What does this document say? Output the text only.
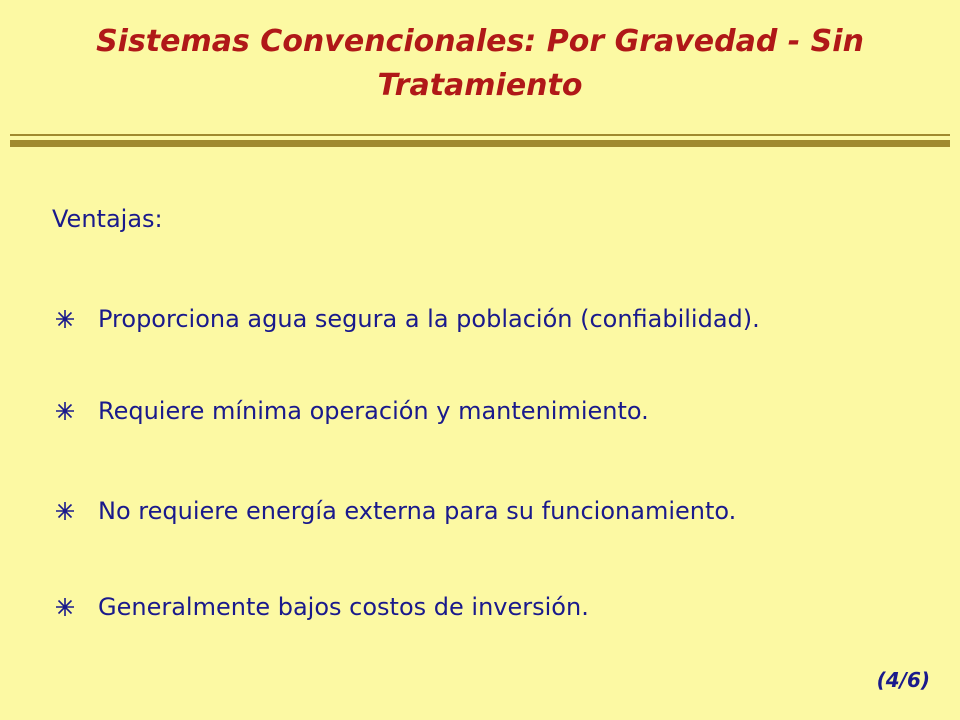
Sistemas Convencionales: Por Gravedad - Sin Tratamiento
Ventajas:
Proporciona agua segura a la población (confiabilidad).
Requiere mínima operación y mantenimiento.
No requiere energía externa para su funcionamiento.
Generalmente bajos costos de inversión.
(4/6)
